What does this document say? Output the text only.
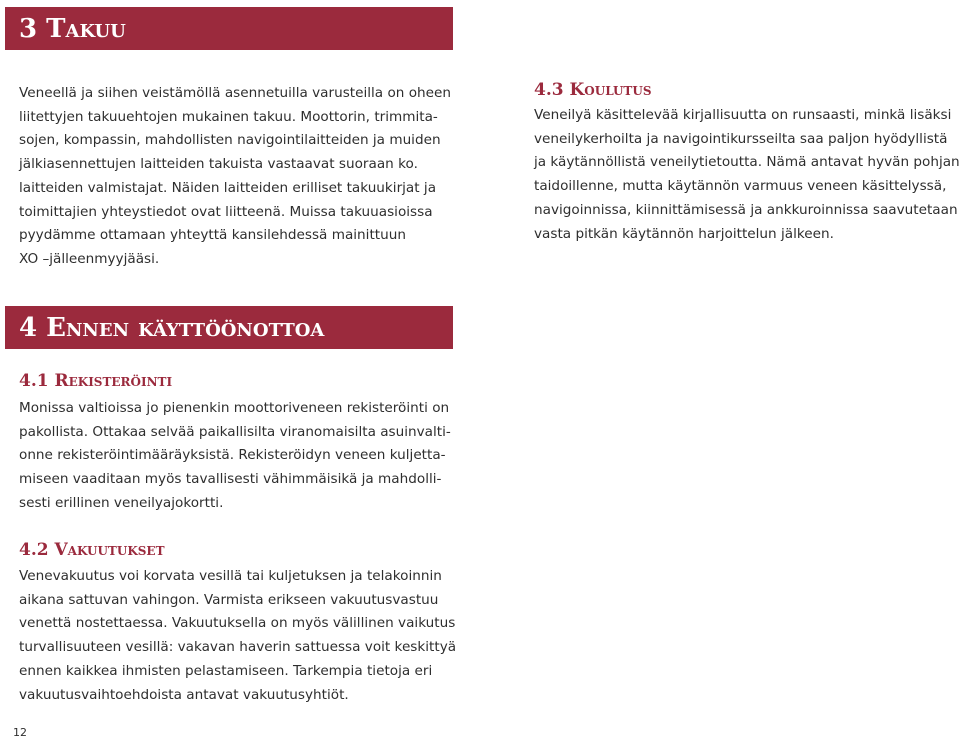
3 Takuu

Veneellä ja siihen veistämöllä asennetuilla varusteilla on oheen
liitettyjen takuuehtojen mukainen takuu. Moottorin, trimmita-
sojen, kompassin, mahdollisten navigointilaitteiden ja muiden
jälkiasennettujen laitteiden takuista vastaavat suoraan ko.
laitteiden valmistajat. Näiden laitteiden erilliset takuukirjat ja
toimittajien yhteystiedot ovat liitteenä. Muissa takuuasioissa
pyydämme ottamaan yhteyttä kansilehdessä mainittuun
XO –jälleenmyyjääsi.

4.3 Koulutus

Veneilyä käsittelevää kirjallisuutta on runsaasti, minkä lisäksi
veneilykerhoilta ja navigointikursseilta saa paljon hyödyllistä
ja käytännöllistä veneilytietoutta. Nämä antavat hyvän pohjan
taidoillenne, mutta käytännön varmuus veneen käsittelyssä,
navigoinnissa, kiinnittämisessä ja ankkuroinnissa saavutetaan
vasta pitkän käytännön harjoittelun jälkeen.

4 Ennen käyttöönottoa
4.1 Rekisteröinti

Monissa valtioissa jo pienenkin moottoriveneen rekisteröinti on
pakollista. Ottakaa selvää paikallisilta viranomaisilta asuinvalti-
onne rekisteröintimääräyksistä. Rekisteröidyn veneen kuljetta-
miseen vaaditaan myös tavallisesti vähimmäisikä ja mahdolli-
sesti erillinen veneilyajokortti.

4.2 Vakuutukset

Venevakuutus voi korvata vesillä tai kuljetuksen ja telakoinnin
aikana sattuvan vahingon. Varmista erikseen vakuutusvastuu
venettä nostettaessa. Vakuutuksella on myös välillinen vaikutus
turvallisuuteen vesillä: vakavan haverin sattuessa voit keskittyä
ennen kaikkea ihmisten pelastamiseen. Tarkempia tietoja eri
vakuutusvaihtoehdoista antavat vakuutusyhtiöt.

12
